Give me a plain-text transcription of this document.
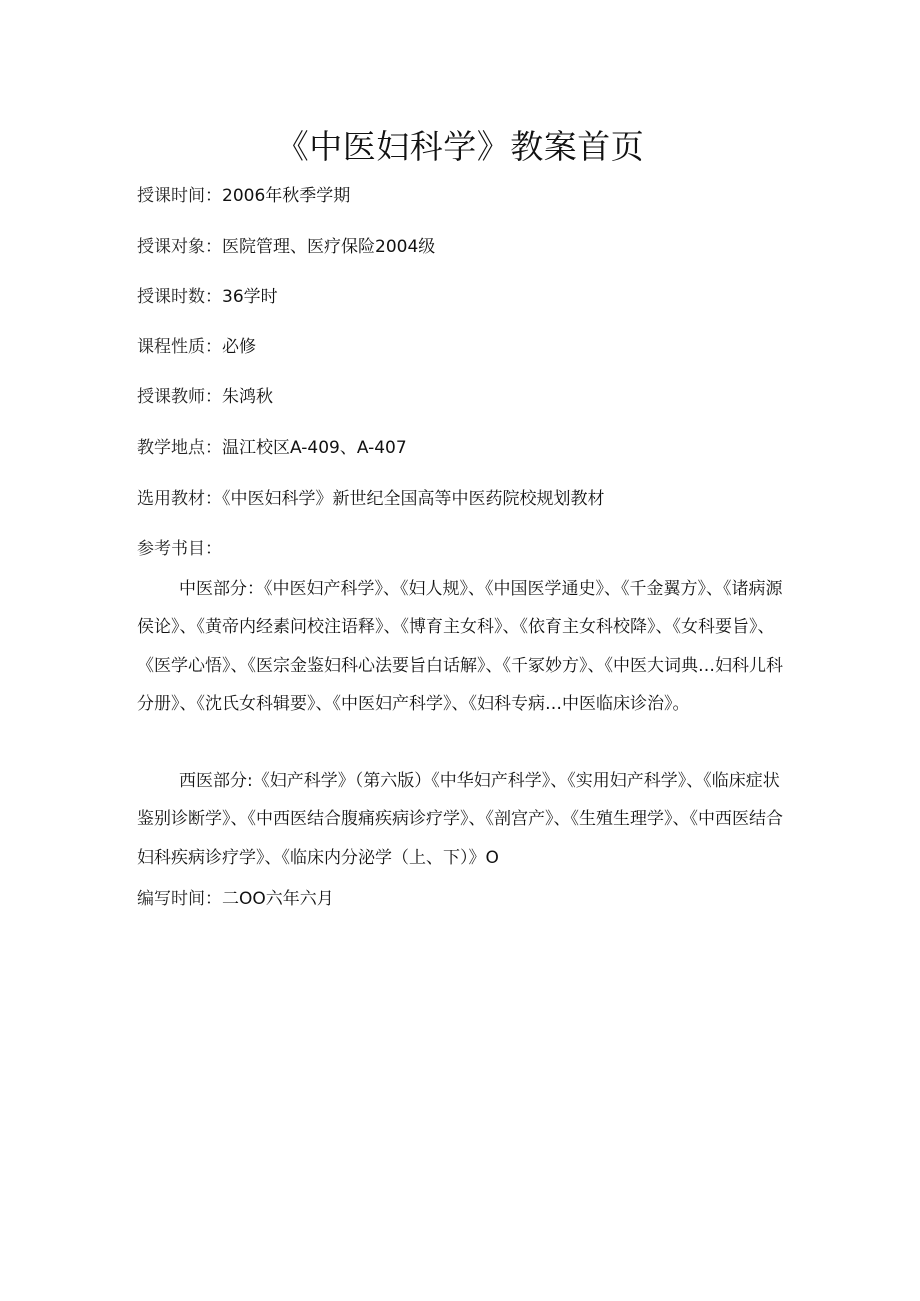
《中医妇科学》教案首页
授课时间：2006年秋季学期
授课对象：医院管理、医疗保险2004级
授课时数：36学时
课程性质：必修
授课教师：朱鸿秋
教学地点：温江校区A-409、A-407
选用教材：《中医妇科学》新世纪全国高等中医药院校规划教材
参考书目：
中医部分：《中医妇产科学》、《妇人规》、《中国医学通史》、《千金翼方》、《诸病源侯论》、《黄帝内经素问校注语释》、《博育主女科》、《依育主女科校降》、《女科要旨》、《医学心悟》、《医宗金鉴妇科心法要旨白话解》、《千冢妙方》、《中医大词典…妇科儿科分册》、《沈氏女科辑要》、《中医妇产科学》、《妇科专病…中医临床诊治》。
西医部分:《妇产科学》（第六版）《中华妇产科学》、《实用妇产科学》、《临床症状鉴别诊断学》、《中西医结合腹痛疾病诊疗学》、《剖宫产》、《生殖生理学》、《中西医结合妇科疾病诊疗学》、《临床内分泌学（上、下）》O
编写时间：二OO六年六月
